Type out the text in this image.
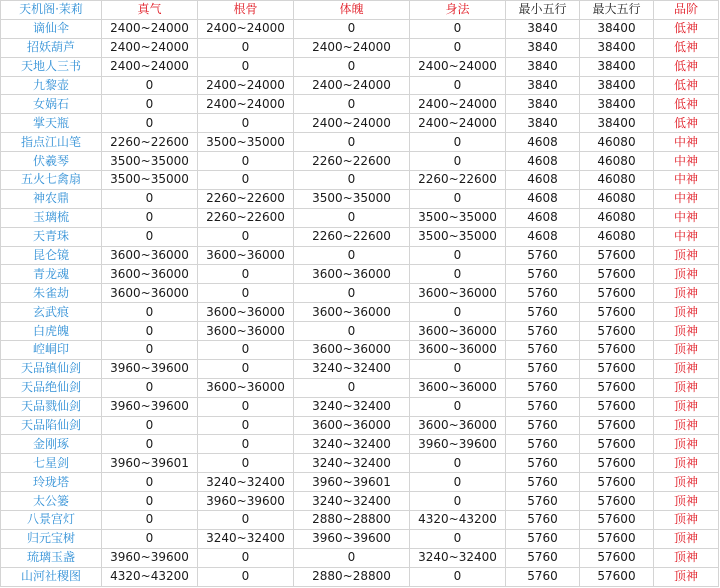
天机阁·茉莉	真气	根骨	体魄	身法	最小五行	最大五行	品阶
谪仙伞	2400~24000	2400~24000	0	0	3840	38400	低神
招妖葫芦	2400~24000	0	2400~24000	0	3840	38400	低神
天地人三书	2400~24000	0	0	2400~24000	3840	38400	低神
九黎壶	0	2400~24000	2400~24000	0	3840	38400	低神
女娲石	0	2400~24000	0	2400~24000	3840	38400	低神
掌天瓶	0	0	2400~24000	2400~24000	3840	38400	低神
指点江山笔	2260~22600	3500~35000	0	0	4608	46080	中神
伏羲琴	3500~35000	0	2260~22600	0	4608	46080	中神
五火七禽扇	3500~35000	0	0	2260~22600	4608	46080	中神
神农鼎	0	2260~22600	3500~35000	0	4608	46080	中神
玉璃梳	0	2260~22600	0	3500~35000	4608	46080	中神
天青珠	0	0	2260~22600	3500~35000	4608	46080	中神
昆仑镜	3600~36000	3600~36000	0	0	5760	57600	顶神
青龙魂	3600~36000	0	3600~36000	0	5760	57600	顶神
朱雀劫	3600~36000	0	0	3600~36000	5760	57600	顶神
玄武痕	0	3600~36000	3600~36000	0	5760	57600	顶神
白虎魄	0	3600~36000	0	3600~36000	5760	57600	顶神
崆峒印	0	0	3600~36000	3600~36000	5760	57600	顶神
天品镇仙剑	3960~39600	0	3240~32400	0	5760	57600	顶神
天品绝仙剑	0	3600~36000	0	3600~36000	5760	57600	顶神
天品戮仙剑	3960~39600	0	3240~32400	0	5760	57600	顶神
天品陷仙剑	0	0	3600~36000	3600~36000	5760	57600	顶神
金刚琢	0	0	3240~32400	3960~39600	5760	57600	顶神
七星剑	3960~39601	0	3240~32400	0	5760	57600	顶神
玲珑塔	0	3240~32400	3960~39601	0	5760	57600	顶神
太公篓	0	3960~39600	3240~32400	0	5760	57600	顶神
八景宫灯	0	0	2880~28800	4320~43200	5760	57600	顶神
归元宝树	0	3240~32400	3960~39600	0	5760	57600	顶神
琉璃玉盏	3960~39600	0	0	3240~32400	5760	57600	顶神
山河社稷图	4320~43200	0	2880~28800	0	5760	57600	顶神
